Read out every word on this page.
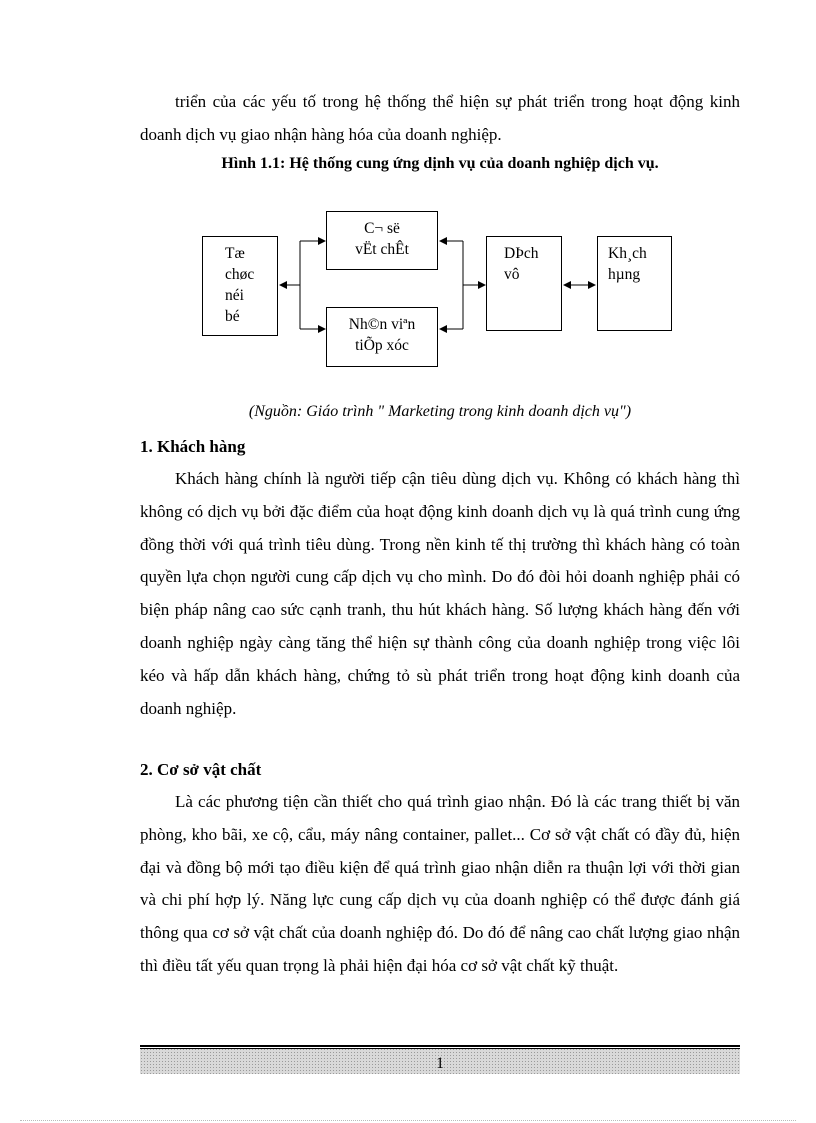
triển của các yếu tố trong hệ thống thể hiện sự phát triển trong hoạt động kinh doanh dịch vụ giao nhận hàng hóa của doanh nghiệp.

Hình 1.1: Hệ thống cung ứng dịnh vụ của doanh nghiệp dịch vụ.
Tæ
chøc
néi
bé
C¬ së
vËt chÊt
Nh©n viªn
tiÕp xóc
DÞch
vô
Kh¸ch
hµng
(Nguồn: Giáo trình " Marketing trong kinh doanh dịch vụ")
1. Khách hàng

Khách hàng chính là người tiếp cận tiêu dùng dịch vụ. Không có khách hàng thì không có dịch vụ bởi đặc điểm của hoạt động kinh doanh dịch vụ là quá trình cung ứng đồng thời với quá trình tiêu dùng. Trong nền kinh tế thị trường thì khách hàng có toàn quyền lựa chọn người cung cấp dịch vụ cho mình. Do đó đòi hỏi doanh nghiệp phải có biện pháp nâng cao sức cạnh tranh, thu hút khách hàng. Số lượng khách hàng đến với doanh nghiệp ngày càng tăng thể hiện sự thành công của doanh nghiệp trong việc lôi kéo và hấp dẫn khách hàng, chứng tỏ sù phát triển trong hoạt động kinh doanh của doanh nghiệp.

2. Cơ sở vật chất

Là các phương tiện cần thiết cho quá trình giao nhận. Đó là các trang thiết bị văn phòng, kho bãi, xe cộ, cẩu, máy nâng container, pallet... Cơ sở vật chất có đầy đủ, hiện đại và đồng bộ mới tạo điều kiện để quá trình giao nhận diễn ra thuận lợi với thời gian và chi phí hợp lý. Năng lực cung cấp dịch vụ của doanh nghiệp có thể được đánh giá thông qua cơ sở vật chất của doanh nghiệp đó. Do đó để nâng cao chất lượng giao nhận thì điều tất yếu quan trọng là phải hiện đại hóa cơ sở vật chất kỹ thuật.

1
